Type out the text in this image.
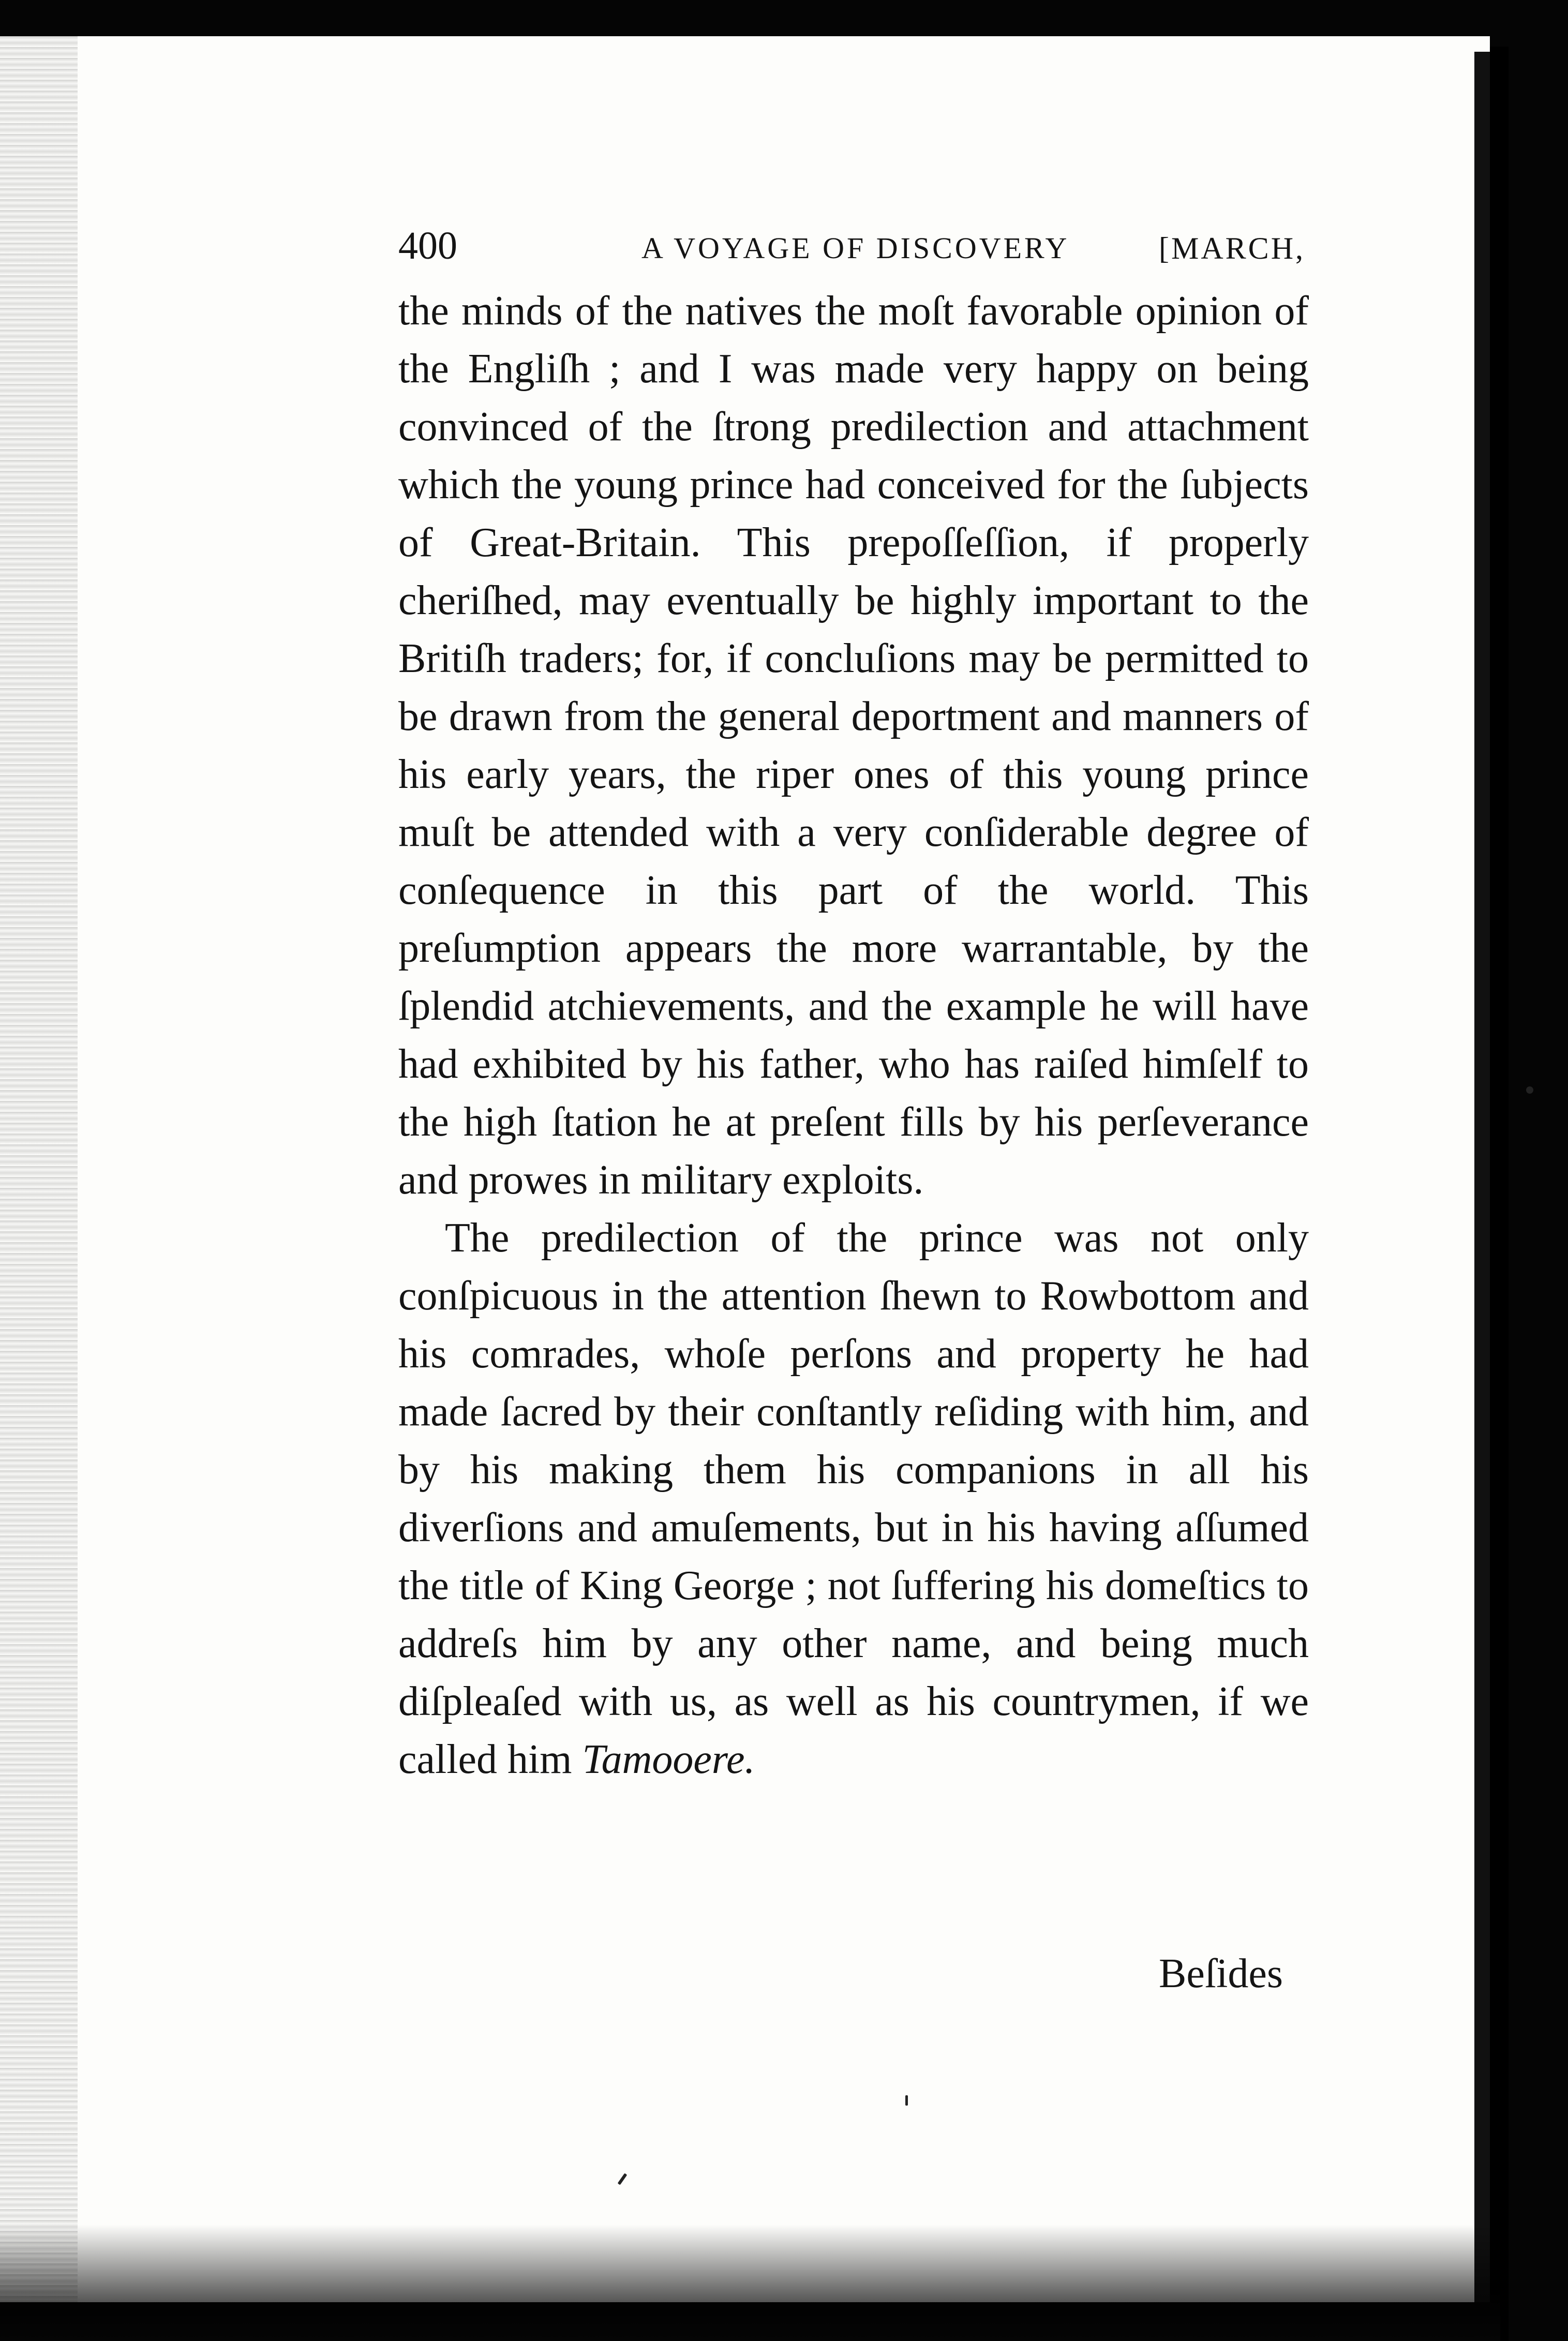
400	A VOYAGE OF DISCOVERY	[MARCH,

the minds of the natives the moſt favorable opinion of the Engliſh ; and I was made very happy on being convinced of the ſtrong predilection and attachment which the young prince had conceived for the ſubjects of Great-Britain. This prepoſſeſſion, if properly cheriſhed, may eventually be highly important to the Britiſh traders; for, if concluſions may be permitted to be drawn from the general deportment and manners of his early years, the riper ones of this young prince muſt be attended with a very conſiderable degree of conſequence in this part of the world. This preſumption appears the more warrantable, by the ſplendid atchievements, and the example he will have had exhibited by his father, who has raiſed himſelf to the high ſtation he at preſent fills by his perſeverance and prowes in military exploits.

The predilection of the prince was not only conſpicuous in the attention ſhewn to Rowbottom and his comrades, whoſe perſons and property he had made ſacred by their conſtantly reſiding with him, and by his making them his companions in all his diverſions and amuſements, but in his having aſſumed the title of King George ; not ſuffering his domeſtics to addreſs him by any other name, and being much diſpleaſed with us, as well as his countrymen, if we called him Tamooere.

Beſides
